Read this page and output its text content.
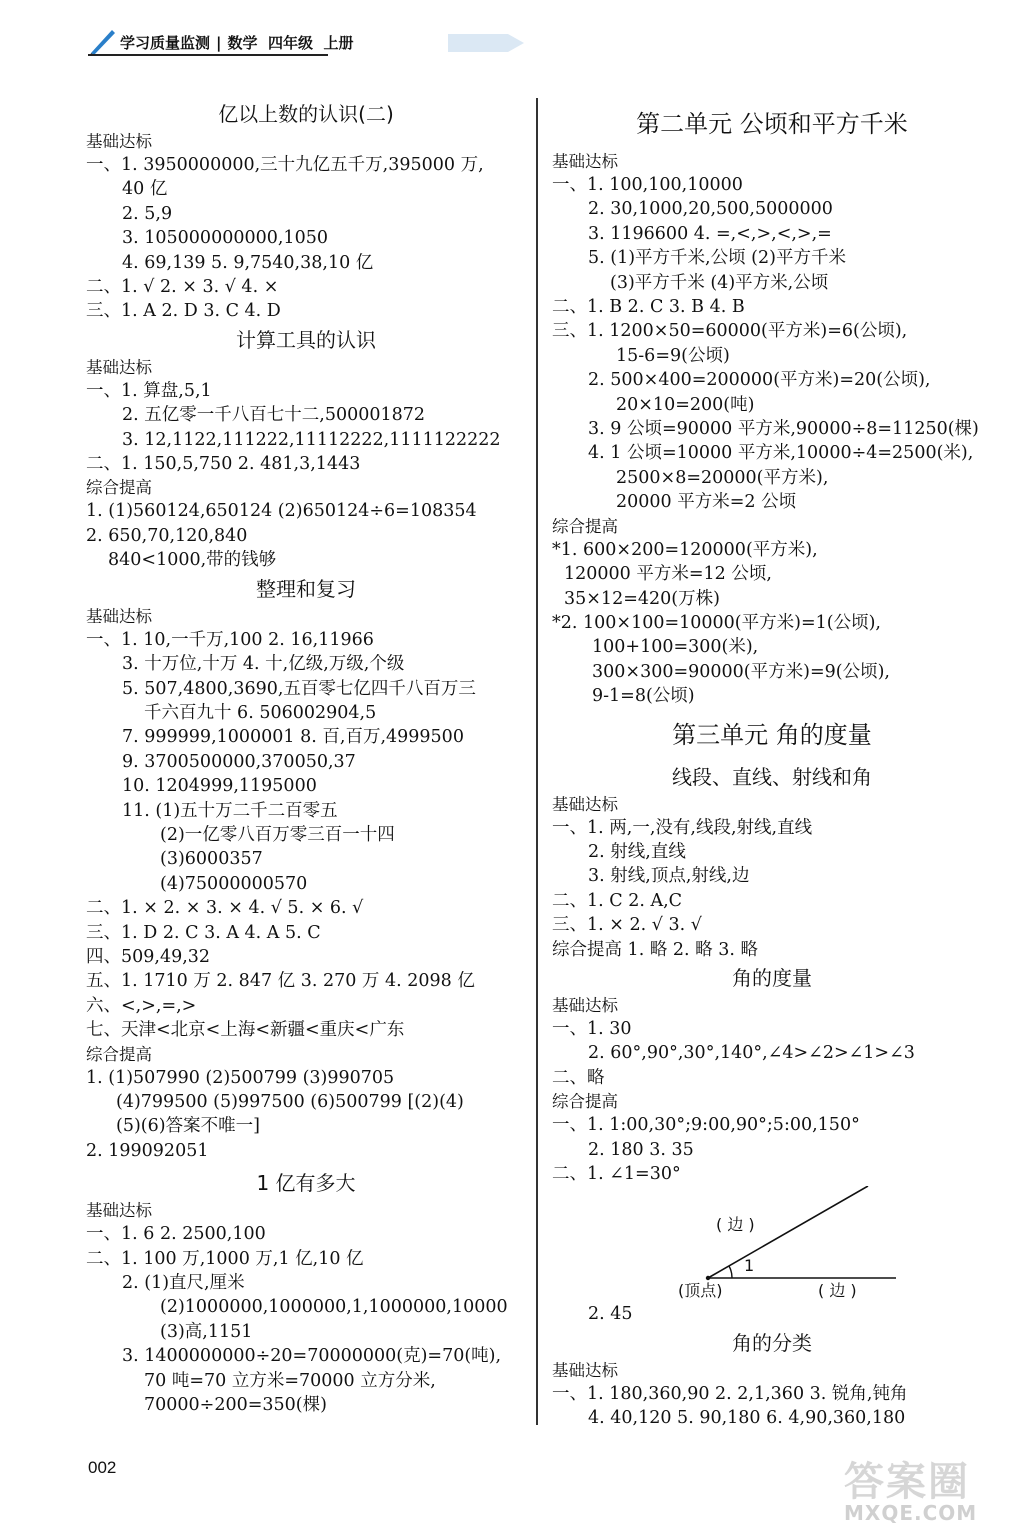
学习质量监测 | 数学 四年级 上册
亿以上数的认识(二)
基础达标
一、1. 3950000000,三十九亿五千万,395000 万,
40 亿
2. 5,9
3. 105000000000,1050
4. 69,139 5. 9,7540,38,10 亿
二、1. √ 2. × 3. √ 4. ×
三、1. A 2. D 3. C 4. D
计算工具的认识
基础达标
一、1. 算盘,5,1
2. 五亿零一千八百七十二,500001872
3. 12,1122,111222,11112222,1111122222
二、1. 150,5,750 2. 481,3,1443
综合提高
1. (1)560124,650124 (2)650124÷6=108354
2. 650,70,120,840
840<1000,带的钱够
整理和复习
基础达标
一、1. 10,一千万,100 2. 16,11966
3. 十万位,十万 4. 十,亿级,万级,个级
5. 507,4800,3690,五百零七亿四千八百万三
千六百九十 6. 506002904,5
7. 999999,1000001 8. 百,百万,4999500
9. 3700500000,370050,37
10. 1204999,1195000
11. (1)五十万二千二百零五
(2)一亿零八百万零三百一十四
(3)6000357
(4)75000000570
二、1. × 2. × 3. × 4. √ 5. × 6. √
三、1. D 2. C 3. A 4. A 5. C
四、509,49,32
五、1. 1710 万 2. 847 亿 3. 270 万 4. 2098 亿
六、<,>,=,>
七、天津<北京<上海<新疆<重庆<广东
综合提高
1. (1)507990 (2)500799 (3)990705
(4)799500 (5)997500 (6)500799 [(2)(4)
(5)(6)答案不唯一]
2. 199092051
1 亿有多大
基础达标
一、1. 6 2. 2500,100
二、1. 100 万,1000 万,1 亿,10 亿
2. (1)直尺,厘米
(2)1000000,1000000,1,1000000,10000
(3)高,1151
3. 1400000000÷20=70000000(克)=70(吨),
70 吨=70 立方米=70000 立方分米,
70000÷200=350(棵)
第二单元 公顷和平方千米
基础达标
一、1. 100,100,10000
2. 30,1000,20,500,5000000
3. 1196600 4. =,<,>,<,>,=
5. (1)平方千米,公顷 (2)平方千米
(3)平方千米 (4)平方米,公顷
二、1. B 2. C 3. B 4. B
三、1. 1200×50=60000(平方米)=6(公顷),
15-6=9(公顷)
2. 500×400=200000(平方米)=20(公顷),
20×10=200(吨)
3. 9 公顷=90000 平方米,90000÷8=11250(棵)
4. 1 公顷=10000 平方米,10000÷4=2500(米),
2500×8=20000(平方米),
20000 平方米=2 公顷
综合提高
*1. 600×200=120000(平方米),
120000 平方米=12 公顷,
35×12=420(万株)
*2. 100×100=10000(平方米)=1(公顷),
100+100=300(米),
300×300=90000(平方米)=9(公顷),
9-1=8(公顷)
第三单元 角的度量
线段、直线、射线和角
基础达标
一、1. 两,一,没有,线段,射线,直线
2. 射线,直线
3. 射线,顶点,射线,边
二、1. C 2. A,C
三、1. × 2. √ 3. √
综合提高 1. 略 2. 略 3. 略
角的度量
基础达标
一、1. 30
2. 60°,90°,30°,140°,∠4>∠2>∠1>∠3
二、略
综合提高
一、1. 1:00,30°;9:00,90°;5:00,150°
2. 180 3. 35
二、1. ∠1=30°
( 边 )
1
(顶点)	( 边 )
2. 45
角的分类
基础达标
一、1. 180,360,90 2. 2,1,360 3. 锐角,钝角
4. 40,120 5. 90,180 6. 4,90,360,180
002	答案圈
MXQE.COM
